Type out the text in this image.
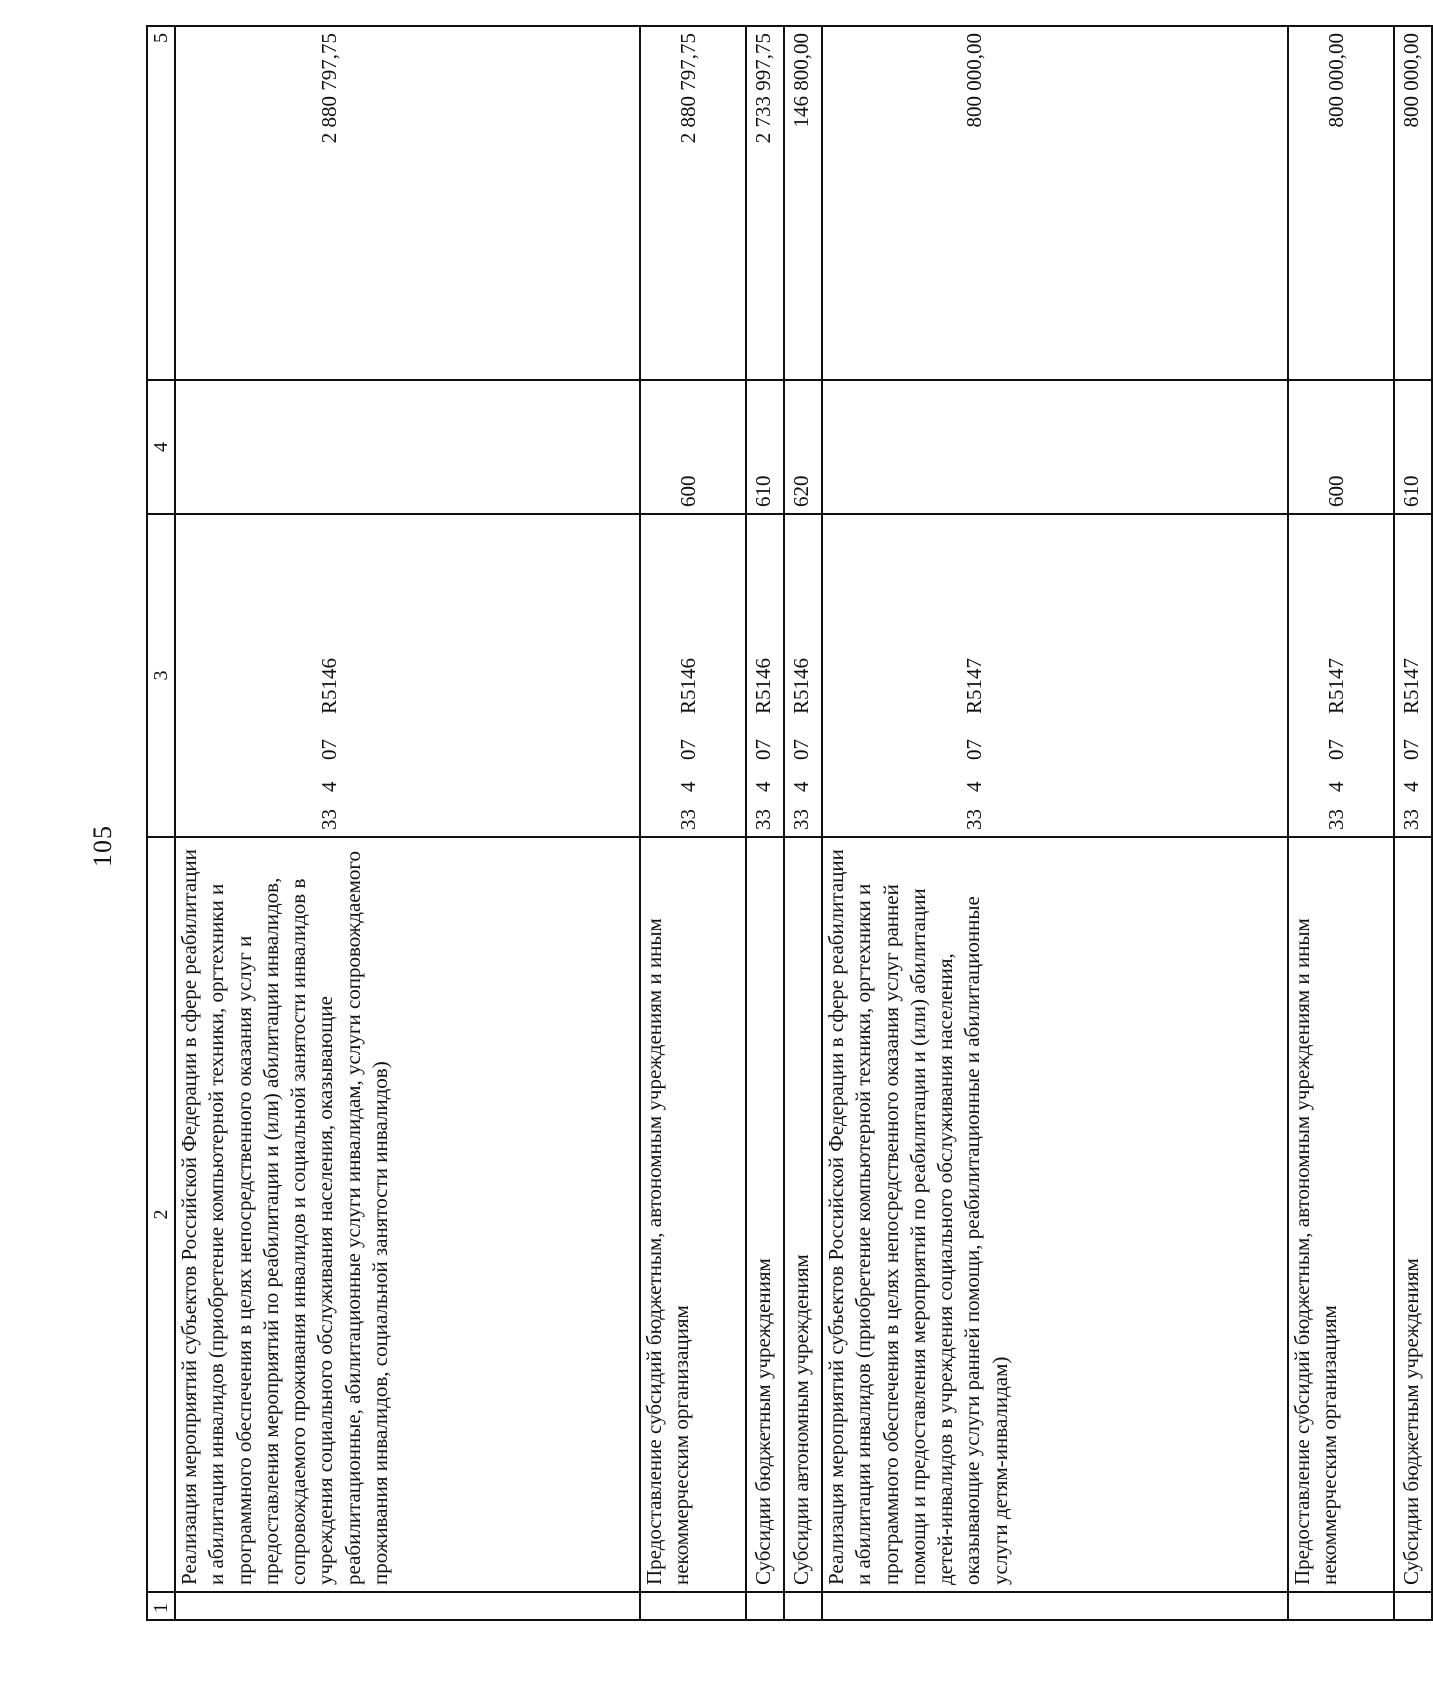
105
1	2	3	4	5
	Реализация мероприятий субъектов Российской Федерации в сфере реабилитации и абилитации инвалидов (приобретение компьютерной техники, оргтехники и программного обеспечения в целях непосредственного оказания услуг и предоставления мероприятий по реабилитации и (или) абилитации инвалидов, сопровождаемого проживания инвалидов и социальной занятости инвалидов в учреждения социального обслуживания населения, оказывающие реабилитационные, абилитационные услуги инвалидам, услуги сопровождаемого проживания инвалидов, социальной занятости инвалидов)	33407R5146		2 880 797,75
	Предоставление субсидий бюджетным, автономным учреждениям и иным некоммерческим организациям	33407R5146	600	2 880 797,75
	Субсидии бюджетным учреждениям	33407R5146	610	2 733 997,75
	Субсидии автономным учреждениям	33407R5146	620	146 800,00
	Реализация мероприятий субъектов Российской Федерации в сфере реабилитации и абилитации инвалидов (приобретение компьютерной техники, оргтехники и программного обеспечения в целях непосредственного оказания услуг ранней помощи и предоставления мероприятий по реабилитации и (или) абилитации детей-инвалидов в учреждения социального обслуживания населения, оказывающие услуги ранней помощи, реабилитационные и абилитационные услуги детям-инвалидам)	33407R5147		800 000,00
	Предоставление субсидий бюджетным, автономным учреждениям и иным некоммерческим организациям	33407R5147	600	800 000,00
	Субсидии бюджетным учреждениям	33407R5147	610	800 000,00
